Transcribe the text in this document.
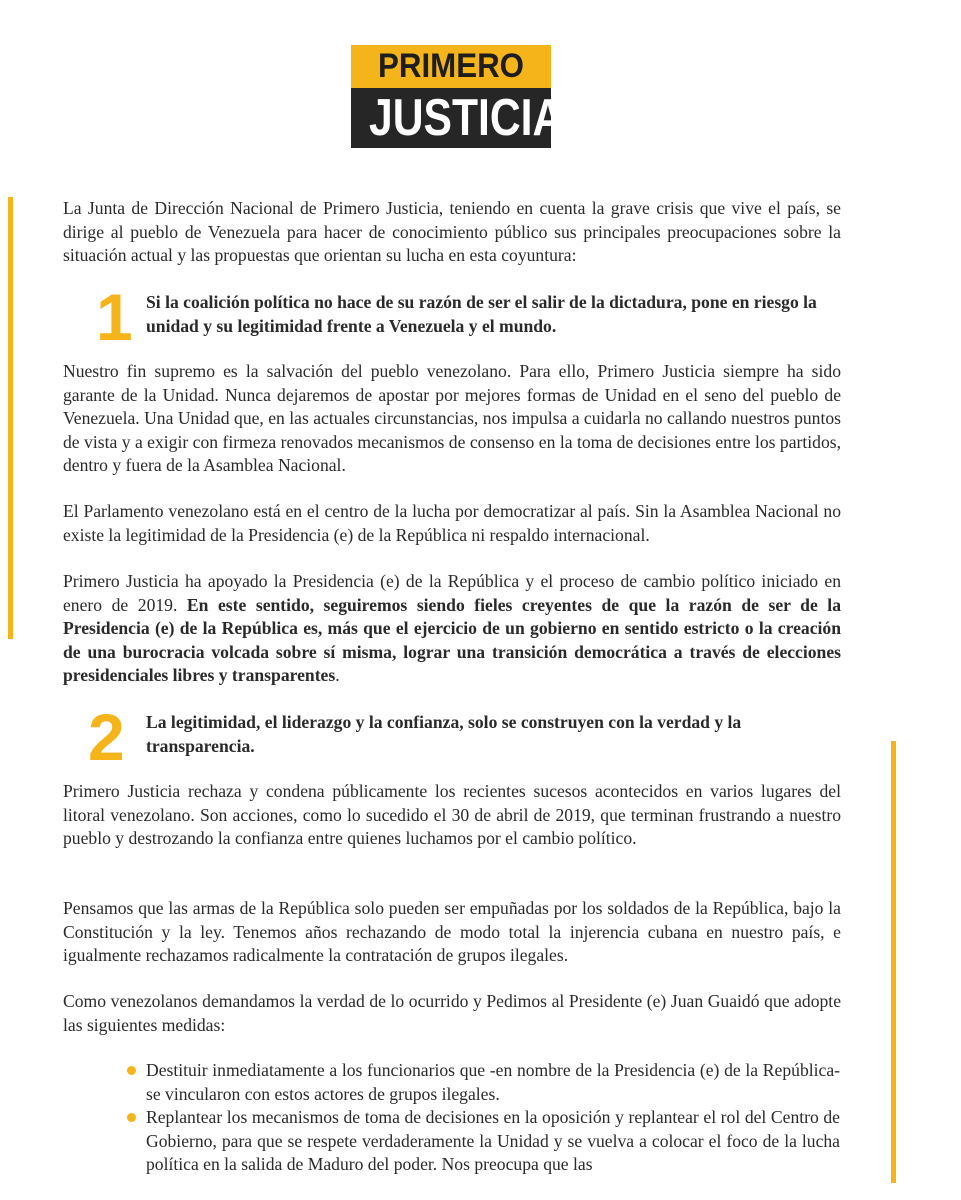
PRIMERO
JUSTICIA

La Junta de Dirección Nacional de Primero Justicia, teniendo en cuenta la grave crisis que vive el país, se dirige al pueblo de Venezuela para hacer de conocimiento público sus principales preocupaciones sobre la situación actual y las propuestas que orientan su lucha en esta coyuntura:

1 Si la coalición política no hace de su razón de ser el salir de la dictadura, pone en riesgo la unidad y su legitimidad frente a Venezuela y el mundo.

Nuestro fin supremo es la salvación del pueblo venezolano. Para ello, Primero Justicia siempre ha sido garante de la Unidad. Nunca dejaremos de apostar por mejores formas de Unidad en el seno del pueblo de Venezuela. Una Unidad que, en las actuales circunstancias, nos impulsa a cuidarla no callando nuestros puntos de vista y a exigir con firmeza renovados mecanismos de consenso en la toma de decisiones entre los partidos, dentro y fuera de la Asamblea Nacional.

El Parlamento venezolano está en el centro de la lucha por democratizar al país. Sin la Asamblea Nacional no existe la legitimidad de la Presidencia (e) de la República ni respaldo internacional.

Primero Justicia ha apoyado la Presidencia (e) de la República y el proceso de cambio político iniciado en enero de 2019. En este sentido, seguiremos siendo fieles creyentes de que la razón de ser de la Presidencia (e) de la República es, más que el ejercicio de un gobierno en sentido estricto o la creación de una burocracia volcada sobre sí misma, lograr una transición democrática a través de elecciones presidenciales libres y transparentes.

2 La legitimidad, el liderazgo y la confianza, solo se construyen con la verdad y la transparencia.

Primero Justicia rechaza y condena públicamente los recientes sucesos acontecidos en varios lugares del litoral venezolano. Son acciones, como lo sucedido el 30 de abril de 2019, que terminan frustrando a nuestro pueblo y destrozando la confianza entre quienes luchamos por el cambio político.

Pensamos que las armas de la República solo pueden ser empuñadas por los soldados de la República, bajo la Constitución y la ley. Tenemos años rechazando de modo total la injerencia cubana en nuestro país, e igualmente rechazamos radicalmente la contratación de grupos ilegales.

Como venezolanos demandamos la verdad de lo ocurrido y Pedimos al Presidente (e) Juan Guaidó que adopte las siguientes medidas:

Destituir inmediatamente a los funcionarios que -en nombre de la Presidencia (e) de la República- se vincularon con estos actores de grupos ilegales.
Replantear los mecanismos de toma de decisiones en la oposición y replantear el rol del Centro de Gobierno, para que se respete verdaderamente la Unidad y se vuelva a colocar el foco de la lucha política en la salida de Maduro del poder. Nos preocupa que las
